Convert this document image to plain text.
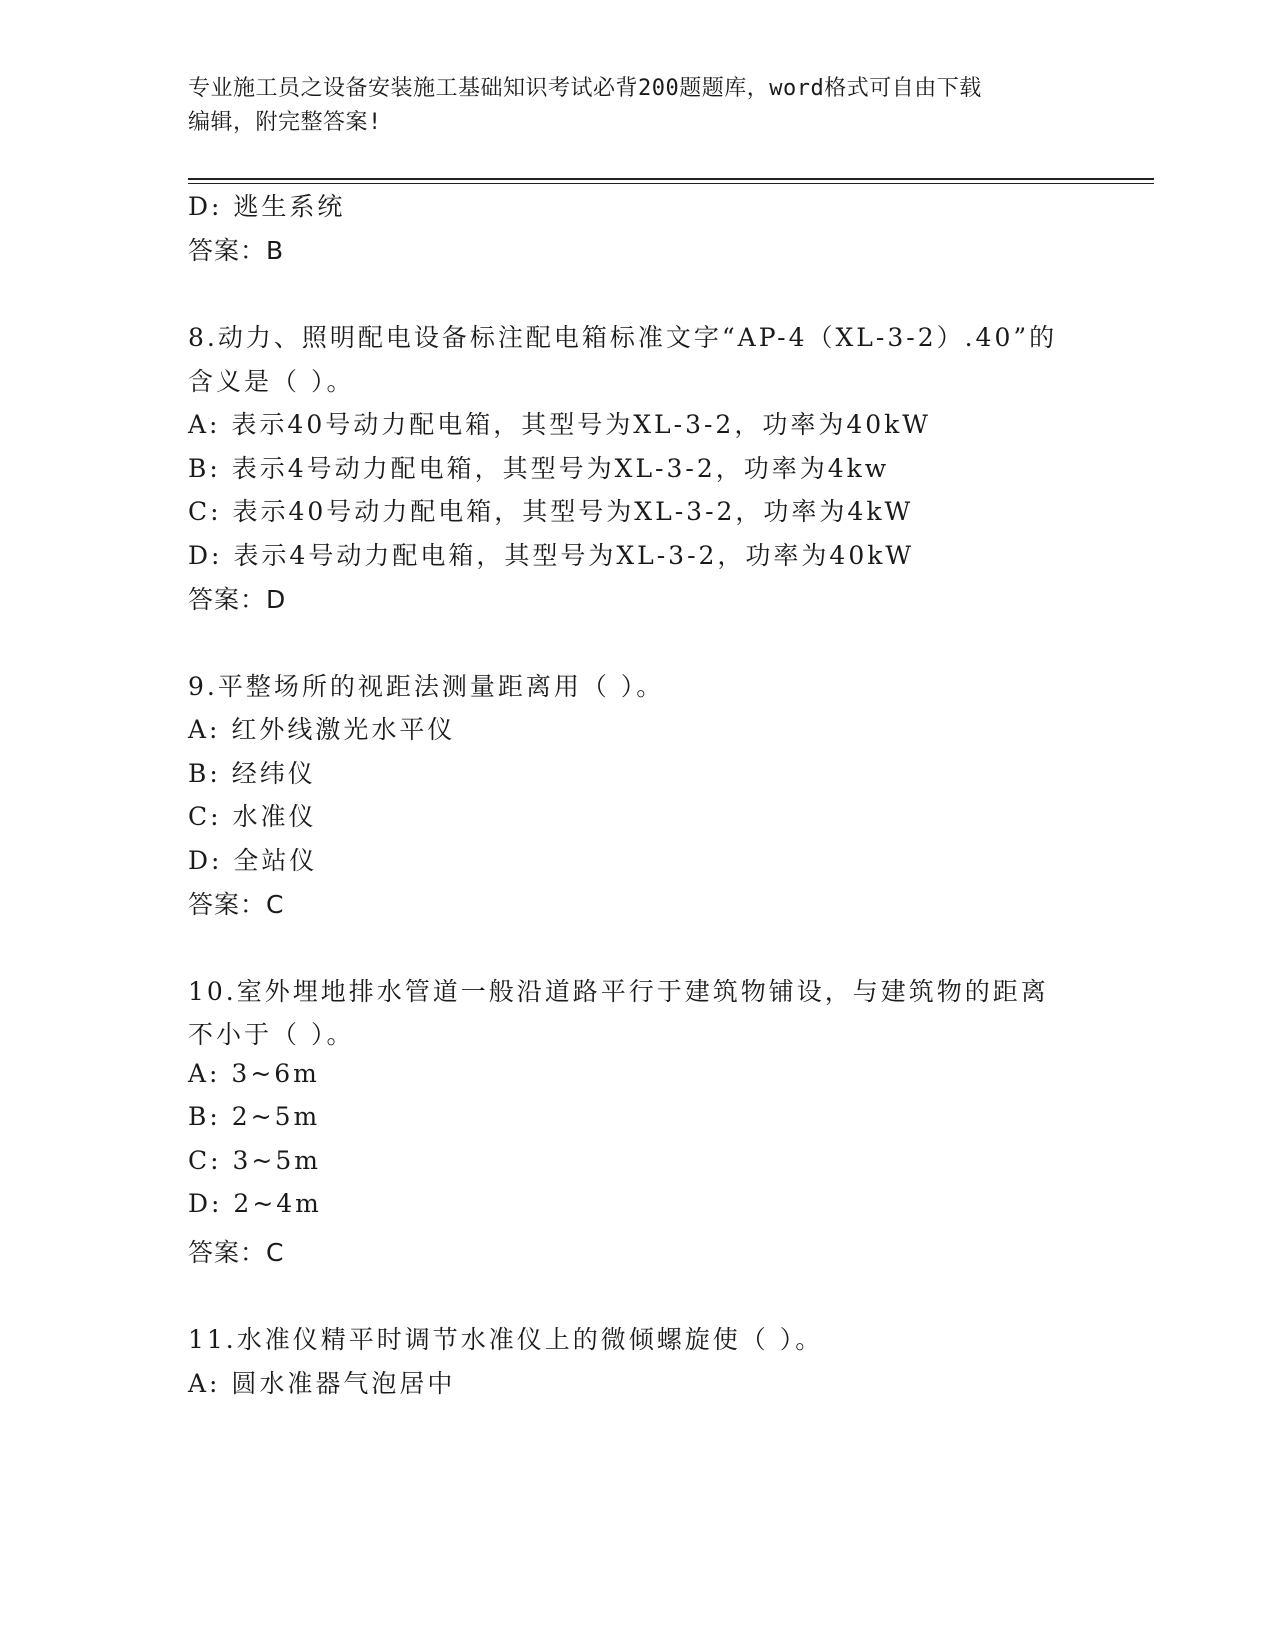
专业施工员之设备安装施工基础知识考试必背200题题库，word格式可自由下载
编辑，附完整答案!
D: 逃生系统
答案：B
8.动力、照明配电设备标注配电箱标准文字“AP-4（XL-3-2）.40”的
含义是（ ）。
A: 表示40号动力配电箱，其型号为XL-3-2，功率为40kW
B: 表示4号动力配电箱，其型号为XL-3-2，功率为4kw
C: 表示40号动力配电箱，其型号为XL-3-2，功率为4kW
D: 表示4号动力配电箱，其型号为XL-3-2，功率为40kW
答案：D
9.平整场所的视距法测量距离用（ ）。
A: 红外线激光水平仪
B: 经纬仪
C: 水准仪
D: 全站仪
答案：C
10.室外埋地排水管道一般沿道路平行于建筑物铺设，与建筑物的距离
不小于（ ）。
A: 3~6m
B: 2~5m
C: 3~5m
D: 2~4m
答案：C
11.水准仪精平时调节水准仪上的微倾螺旋使（ ）。
A: 圆水准器气泡居中
